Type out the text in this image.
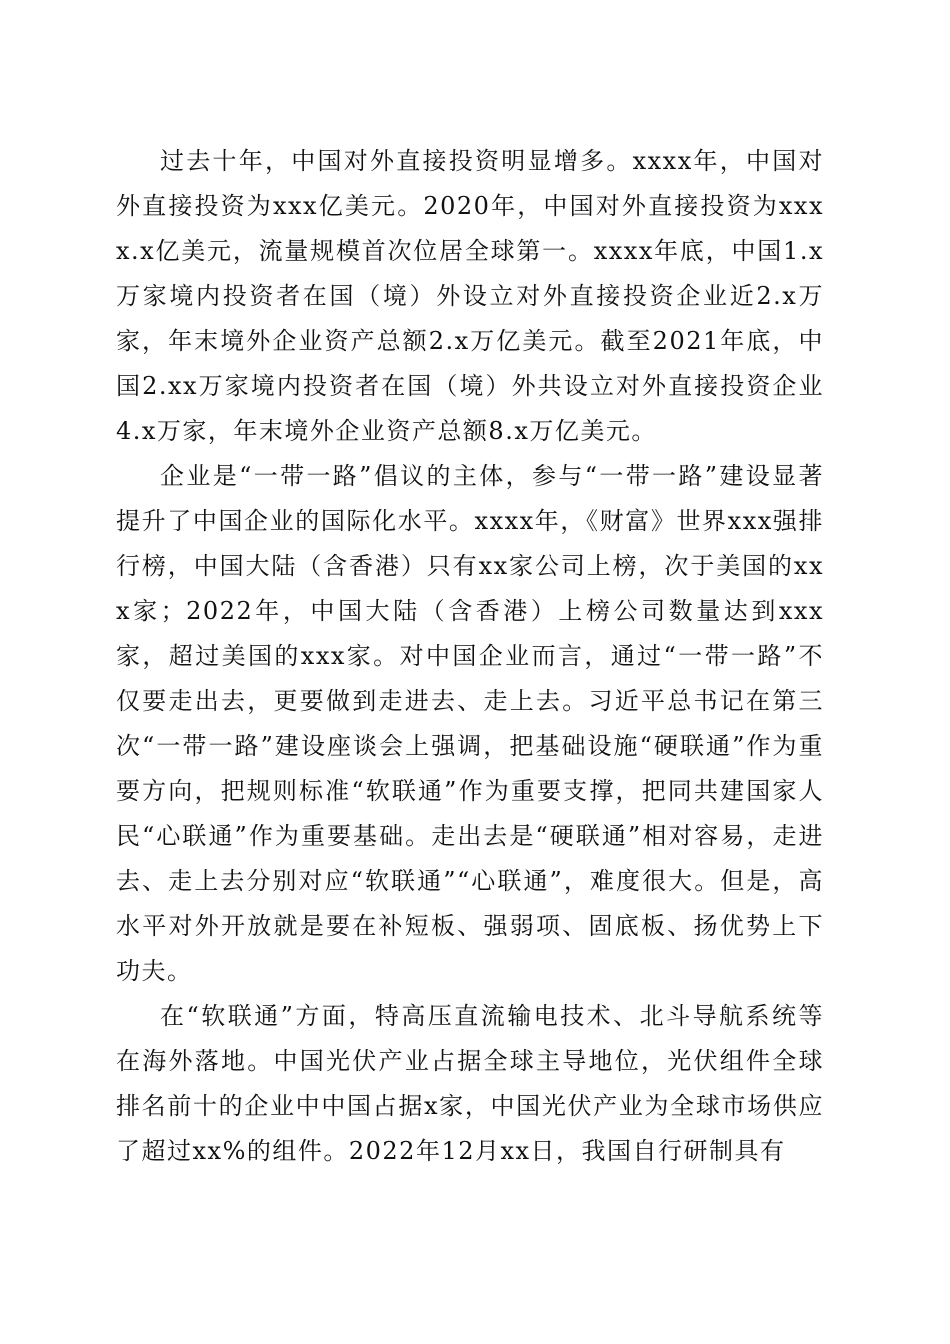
过去十年，中国对外直接投资明显增多。xxxx年，中国对外直接投资为xxx亿美元。2020年，中国对外直接投资为xxxx.x亿美元，流量规模首次位居全球第一。xxxx年底，中国1.x万家境内投资者在国（境）外设立对外直接投资企业近2.x万家，年末境外企业资产总额2.x万亿美元。截至2021年底，中国2.xx万家境内投资者在国（境）外共设立对外直接投资企业4.x万家，年末境外企业资产总额8.x万亿美元。

企业是“一带一路”倡议的主体，参与“一带一路”建设显著提升了中国企业的国际化水平。xxxx年，《财富》世界xxx强排行榜，中国大陆（含香港）只有xx家公司上榜，次于美国的xxx家；2022年，中国大陆（含香港）上榜公司数量达到xxx家，超过美国的xxx家。对中国企业而言，通过“一带一路”不仅要走出去，更要做到走进去、走上去。习近平总书记在第三次“一带一路”建设座谈会上强调，把基础设施“硬联通”作为重要方向，把规则标准“软联通”作为重要支撑，把同共建国家人民“心联通”作为重要基础。走出去是“硬联通”相对容易，走进去、走上去分别对应“软联通”“心联通”，难度很大。但是，高水平对外开放就是要在补短板、强弱项、固底板、扬优势上下功夫。

在“软联通”方面，特高压直流输电技术、北斗导航系统等在海外落地。中国光伏产业占据全球主导地位，光伏组件全球排名前十的企业中中国占据x家，中国光伏产业为全球市场供应了超过xx%的组件。2022年12月xx日，我国自行研制具有
